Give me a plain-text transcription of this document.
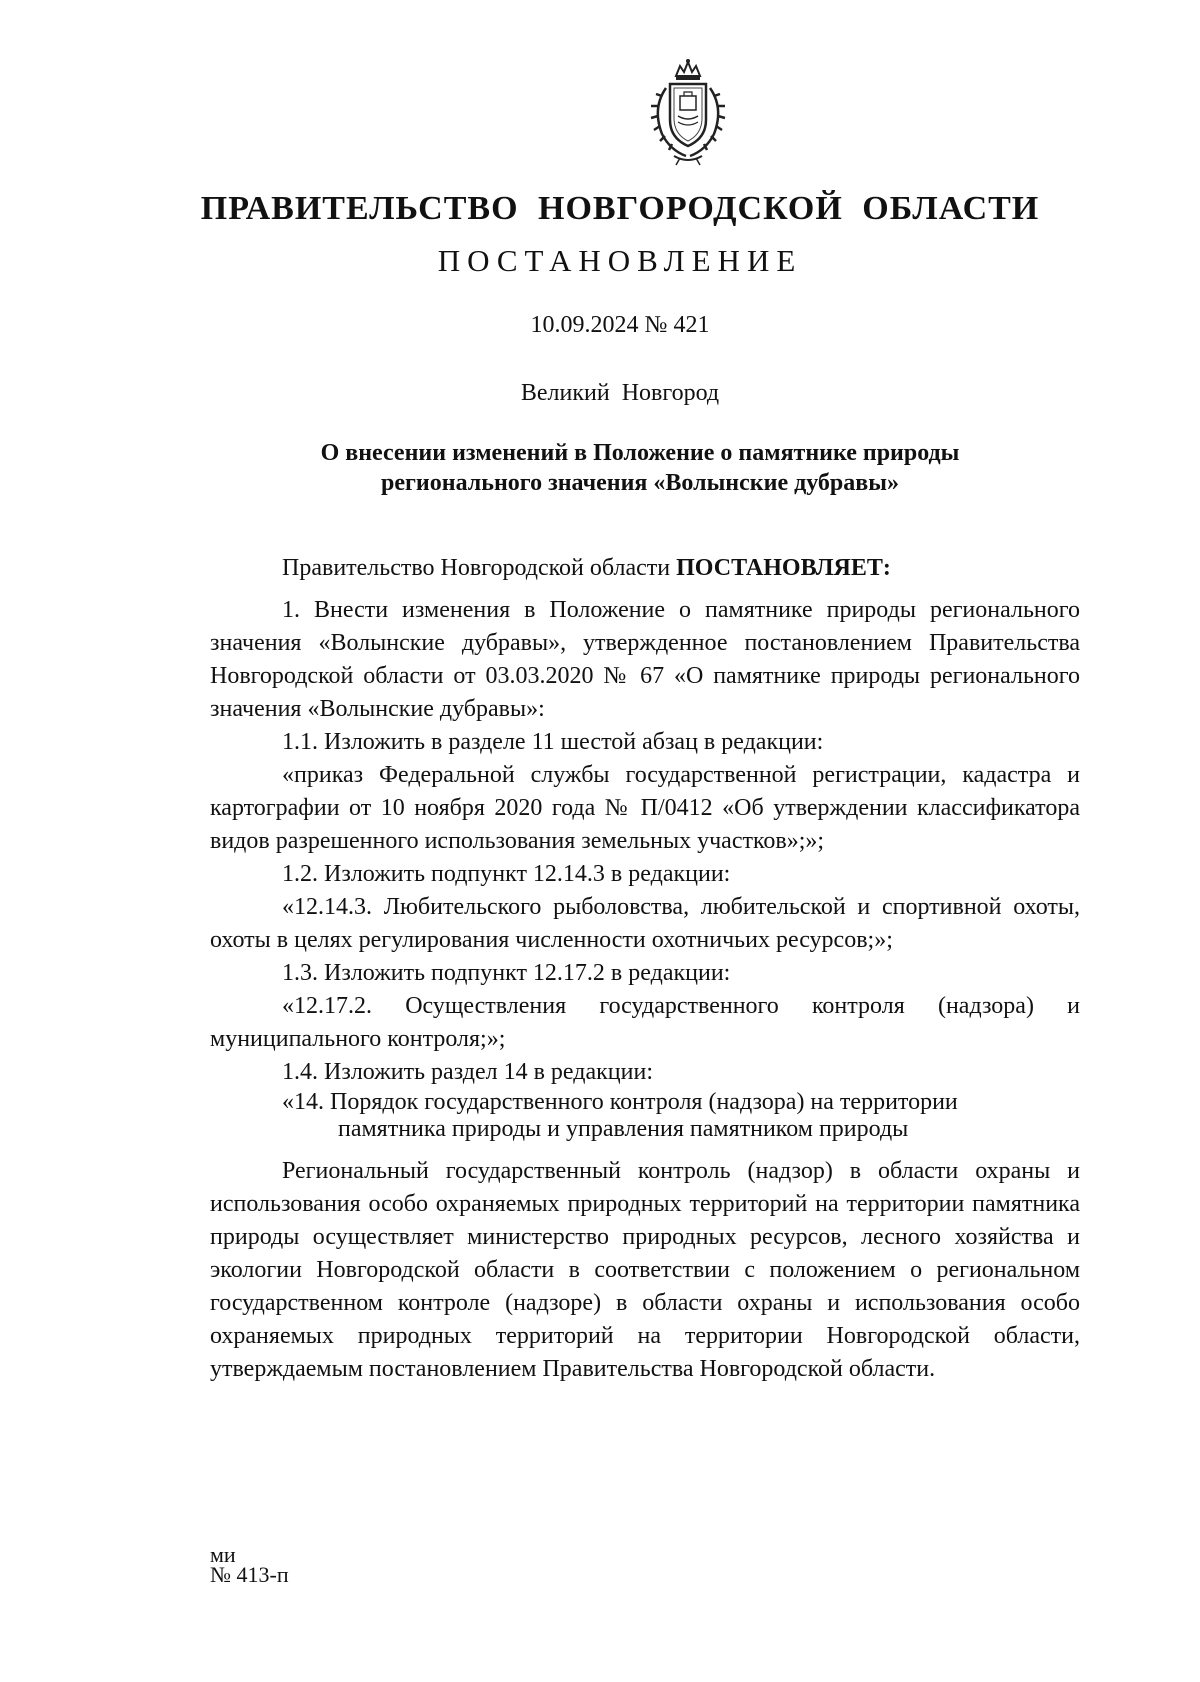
ПРАВИТЕЛЬСТВО НОВГОРОДСКОЙ ОБЛАСТИ
ПОСТАНОВЛЕНИЕ
10.09.2024 № 421
Великий Новгород
О внесении изменений в Положение о памятнике природы
регионального значения «Волынские дубравы»

Правительство Новгородской области ПОСТАНОВЛЯЕТ:

1. Внести изменения в Положение о памятнике природы регионального значения «Волынские дубравы», утвержденное постановлением Правительства Новгородской области от 03.03.2020 № 67 «О памятнике природы регионального значения «Волынские дубравы»:

1.1. Изложить в разделе 11 шестой абзац в редакции:

«приказ Федеральной службы государственной регистрации, кадастра и картографии от 10 ноября 2020 года № П/0412 «Об утверждении классификатора видов разрешенного использования земельных участков»;»;

1.2. Изложить подпункт 12.14.3 в редакции:

«12.14.3. Любительского рыболовства, любительской и спортивной охоты, охоты в целях регулирования численности охотничьих ресурсов;»;

1.3. Изложить подпункт 12.17.2 в редакции:

«12.17.2. Осуществления государственного контроля (надзора) и муниципального контроля;»;

1.4. Изложить раздел 14 в редакции:

«14. Порядок государственного контроля (надзора) на территории
памятника природы и управления памятником природы

Региональный государственный контроль (надзор) в области охраны и использования особо охраняемых природных территорий на территории памятника природы осуществляет министерство природных ресурсов, лесного хозяйства и экологии Новгородской области в соответствии с положением о региональном государственном контроле (надзоре) в области охраны и использования особо охраняемых природных территорий на территории Новгородской области, утверждаемым постановлением Правительства Новгородской области.

ми
№ 413-п
